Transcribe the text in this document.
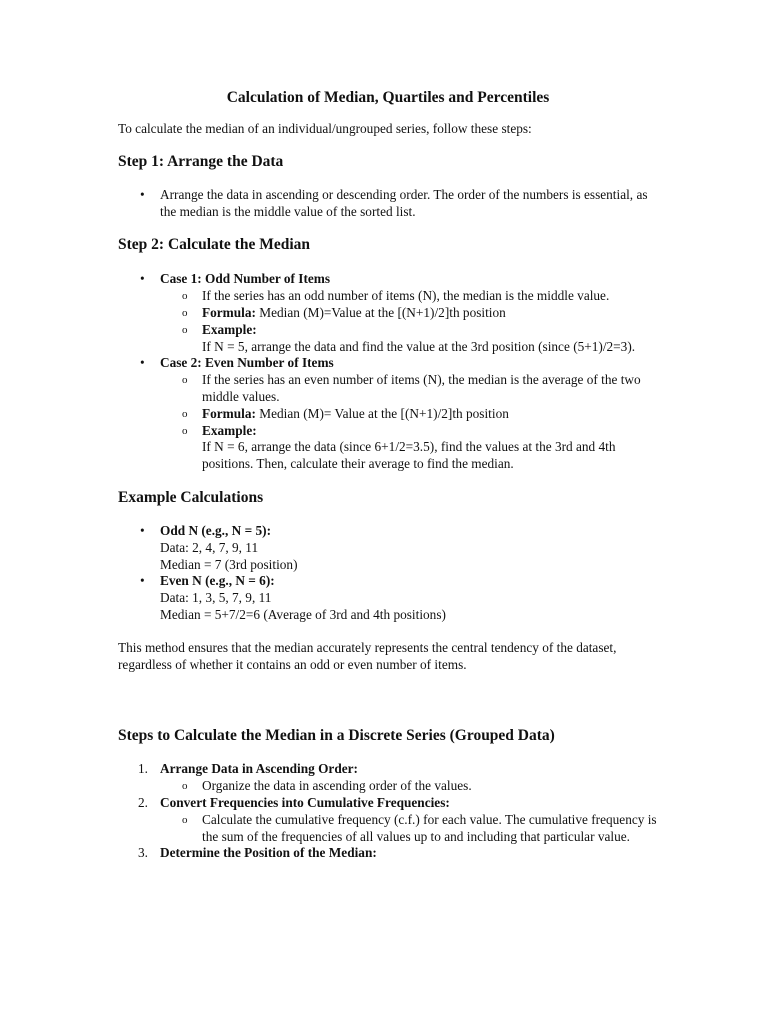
Calculation of Median, Quartiles and Percentiles

To calculate the median of an individual/ungrouped series, follow these steps:

Step 1: Arrange the Data
•	Arrange the data in ascending or descending order. The order of the numbers is essential, as the median is the middle value of the sorted list.
Step 2: Calculate the Median
•	Case 1: Odd Number of Items
o If the series has an odd number of items (N), the median is the middle value.
o Formula: Median (M)=Value at the [(N+1)/2]th position
o Example:
If N = 5, arrange the data and find the value at the 3rd position (since (5+1)/2=3).
•	Case 2: Even Number of Items
o If the series has an even number of items (N), the median is the average of the two middle values.
o Formula: Median (M)= Value at the [(N+1)/2]th position
o Example:
If N = 6, arrange the data (since 6+1/2=3.5), find the values at the 3rd and 4th positions. Then, calculate their average to find the median.
Example Calculations
•	Odd N (e.g., N = 5):
Data: 2, 4, 7, 9, 11
Median = 7 (3rd position)
•	Even N (e.g., N = 6):
Data: 1, 3, 5, 7, 9, 11
Median = 5+7/2=6 (Average of 3rd and 4th positions)

This method ensures that the median accurately represents the central tendency of the dataset, regardless of whether it contains an odd or even number of items.

Steps to Calculate the Median in a Discrete Series (Grouped Data)
1. Arrange Data in Ascending Order:
o Organize the data in ascending order of the values.
2. Convert Frequencies into Cumulative Frequencies:
o Calculate the cumulative frequency (c.f.) for each value. The cumulative frequency is the sum of the frequencies of all values up to and including that particular value.
3. Determine the Position of the Median:
